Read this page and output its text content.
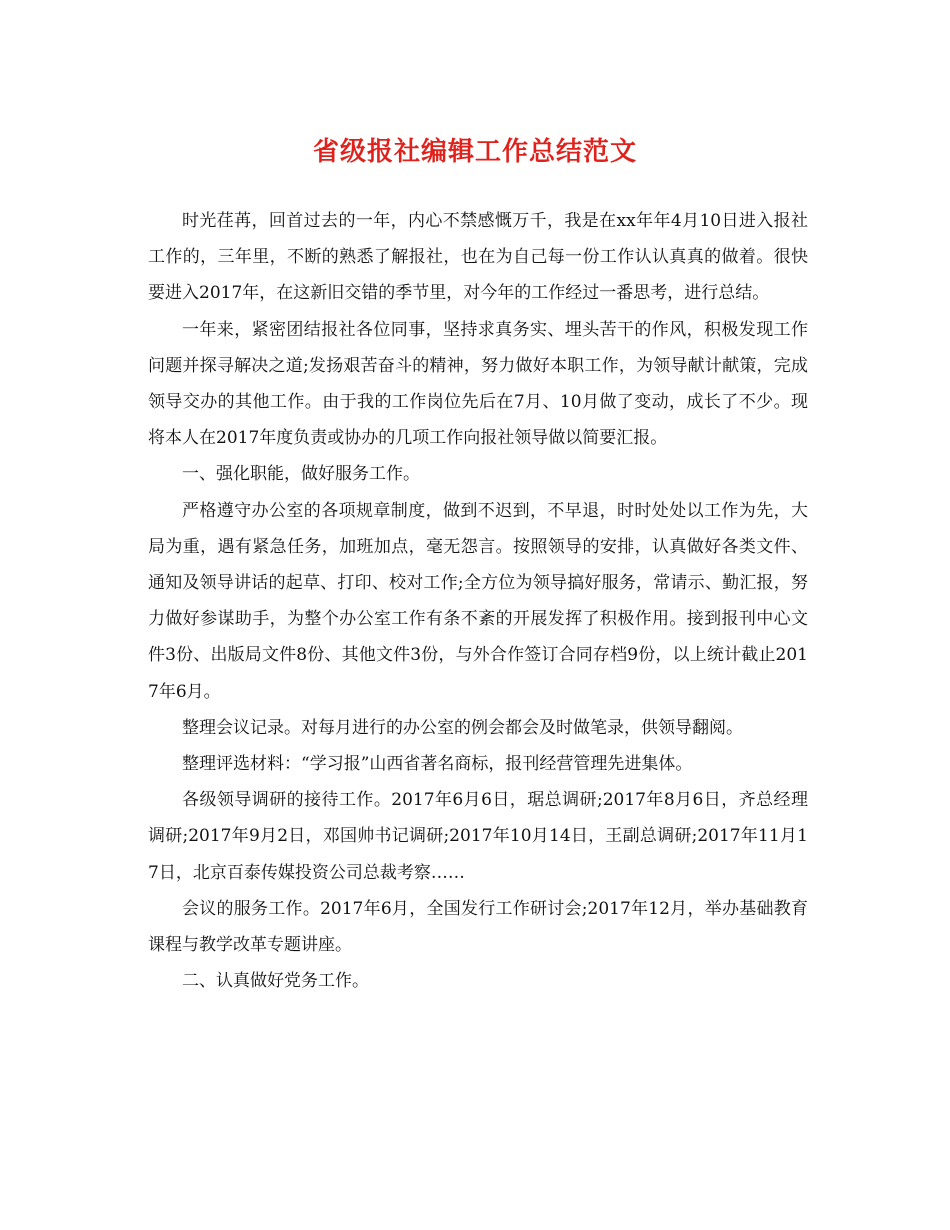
省级报社编辑工作总结范文

时光荏苒，回首过去的一年，内心不禁感慨万千，我是在xx年年4月10日进入报社工作的，三年里，不断的熟悉了解报社，也在为自己每一份工作认认真真的做着。很快要进入2017年，在这新旧交错的季节里，对今年的工作经过一番思考，进行总结。

一年来，紧密团结报社各位同事，坚持求真务实、埋头苦干的作风，积极发现工作问题并探寻解决之道;发扬艰苦奋斗的精神，努力做好本职工作，为领导献计献策，完成领导交办的其他工作。由于我的工作岗位先后在7月、10月做了变动，成长了不少。现将本人在2017年度负责或协办的几项工作向报社领导做以简要汇报。

一、强化职能，做好服务工作。

严格遵守办公室的各项规章制度，做到不迟到，不早退，时时处处以工作为先，大局为重，遇有紧急任务，加班加点，毫无怨言。按照领导的安排，认真做好各类文件、通知及领导讲话的起草、打印、校对工作;全方位为领导搞好服务，常请示、勤汇报，努力做好参谋助手，为整个办公室工作有条不紊的开展发挥了积极作用。接到报刊中心文件3份、出版局文件8份、其他文件3份，与外合作签订合同存档9份，以上统计截止2017年6月。

整理会议记录。对每月进行的办公室的例会都会及时做笔录，供领导翻阅。

整理评选材料：“学习报”山西省著名商标，报刊经营管理先进集体。

各级领导调研的接待工作。2017年6月6日，琚总调研;2017年8月6日，齐总经理调研;2017年9月2日，邓国帅书记调研;2017年10月14日，王副总调研;2017年11月17日，北京百泰传媒投资公司总裁考察……

会议的服务工作。2017年6月，全国发行工作研讨会;2017年12月，举办基础教育课程与教学改革专题讲座。

二、认真做好党务工作。
